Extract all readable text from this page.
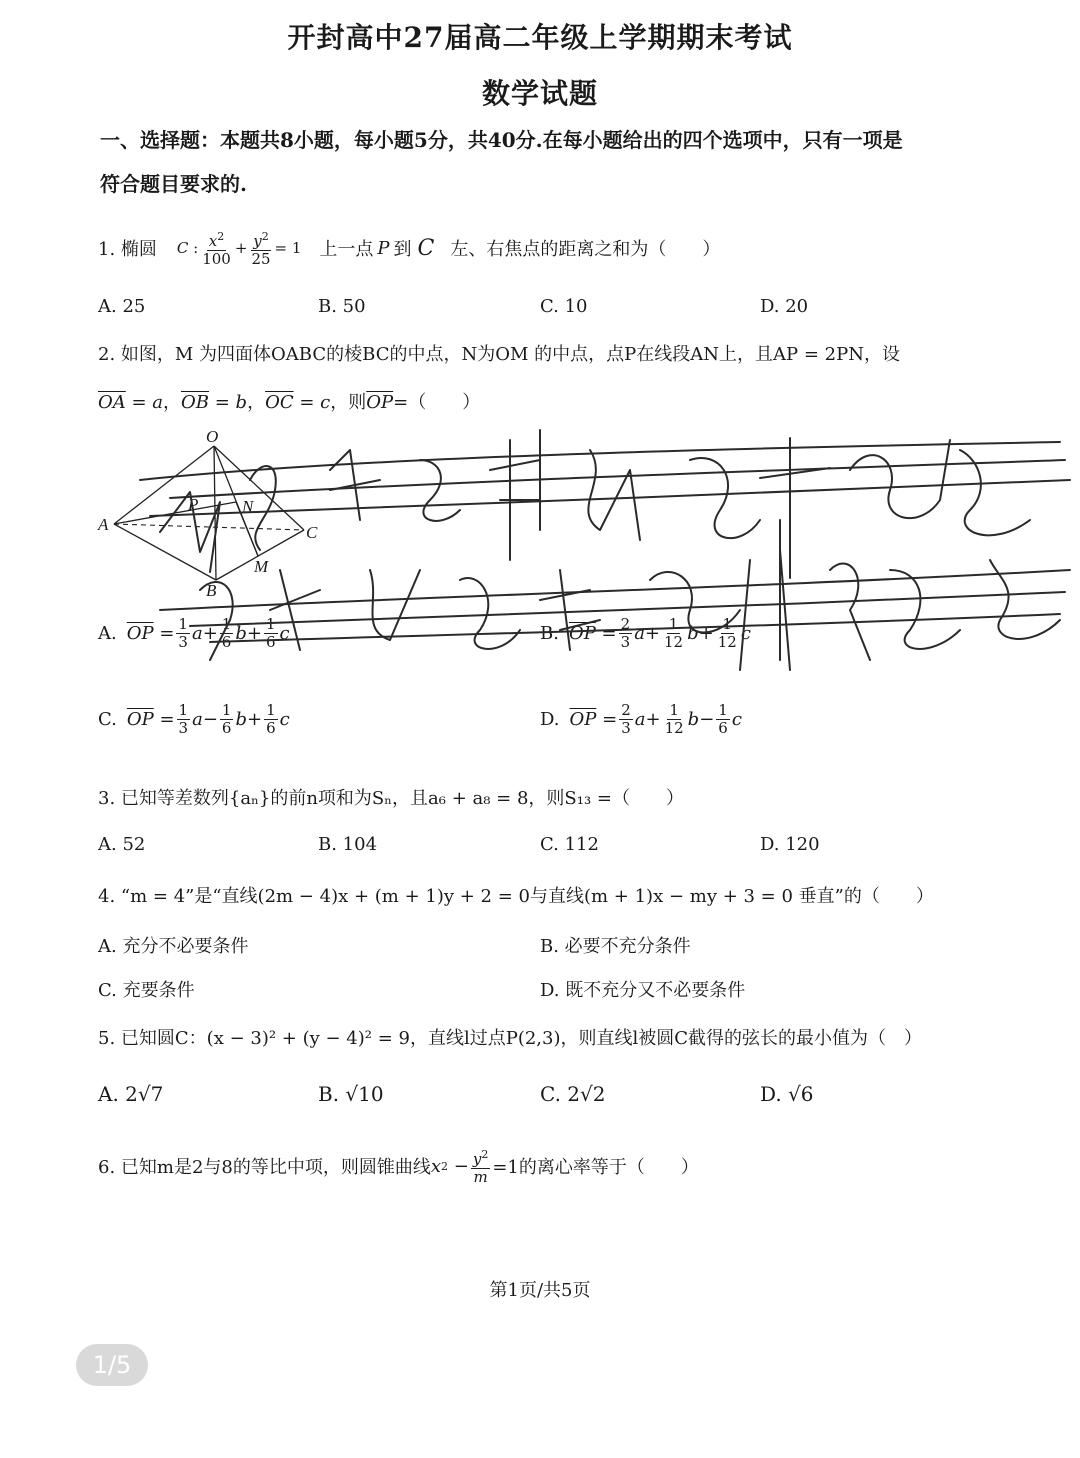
开封高中27届高二年级上学期期末考试
数学试题
一、选择题：本题共8小题，每小题5分，共40分.在每小题给出的四个选项中，只有一项是
符合题目要求的.
1. 椭圆 C : $\frac{x^2}{100} + \frac{y^2}{25} = 1$ 上一点 P 到 C 左、右焦点的距离之和为（　　）
A. 25	B. 50	C. 10	D. 20
2. 如图，M 为四面体OABC的棱BC的中点，N为OM 的中点，点P在线段AN上，且AP = 2PN，设
$\overline{OA} = a$，$\overline{OB} = b$，$\overline{OC} = c$，则$\overline{OP}=$（　　）
O
P	N
A	C
M
B
A. $\overline{OP} = \frac{1}{3}$ $a + \frac{1}{6}$ $b + \frac{1}{6}$ c	B. $\overline{OP} = \frac{2}{3}$ $a + \frac{1}{12}$ $b + \frac{1}{12}$ c
C. $\overline{OP} = \frac{1}{3}$ $a - \frac{1}{6}$ $b + \frac{1}{6}$ c	D. $\overline{OP} = \frac{2}{3}$ $a + \frac{1}{12}$ $b - \frac{1}{6}$ c
3. 已知等差数列{aₙ}的前n项和为Sₙ，且a₆ + a₈ = 8，则S₁₃ =（　　）
A. 52	B. 104	C. 112	D. 120
4. “m = 4”是“直线(2m − 4)x + (m + 1)y + 2 = 0与直线(m + 1)x − my + 3 = 0 垂直”的（　　）
A. 充分不必要条件	B. 必要不充分条件
C. 充要条件	D. 既不充分又不必要条件
5. 已知圆C：(x − 3)² + (y − 4)² = 9，直线l过点P(2,3)，则直线l被圆C截得的弦长的最小值为（　）
A. 2√7	B. √10	C. 2√2	D. √6
6. 已知m是2与8的等比中项，则圆锥曲线 x $2 - \frac{y^2}{m} =1$的离心率等于（　　）
第1页/共5页
1/5
